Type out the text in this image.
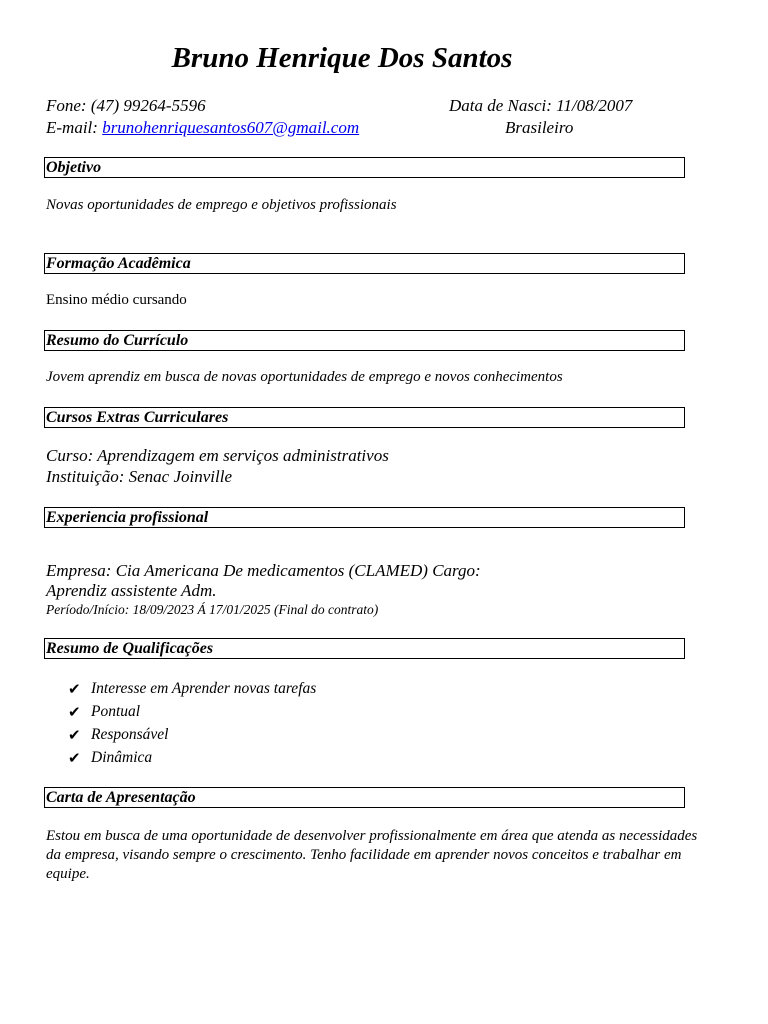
Bruno Henrique Dos Santos
Fone: (47) 99264-5596	Data de Nasci: 11/08/2007
E-mail: brunohenriquesantos607@gmail.com	Brasileiro
Objetivo
Novas oportunidades de emprego e objetivos profissionais
Formação Acadêmica
Ensino médio cursando
Resumo do Currículo
Jovem aprendiz em busca de novas oportunidades de emprego e novos conhecimentos
Cursos Extras Curriculares
Curso: Aprendizagem em serviços administrativos
Instituição: Senac Joinville
Experiencia profissional
Empresa: Cia Americana De medicamentos (CLAMED) Cargo:
Aprendiz assistente Adm.
Período/Início: 18/09/2023 Á 17/01/2025 (Final do contrato)
Resumo de Qualificações
✔ Interesse em Aprender novas tarefas
✔ Pontual
✔ Responsável
✔ Dinâmica
Carta de Apresentação
Estou em busca de uma oportunidade de desenvolver profissionalmente em área que atenda as necessidades da empresa, visando sempre o crescimento. Tenho facilidade em aprender novos conceitos e trabalhar em equipe.
